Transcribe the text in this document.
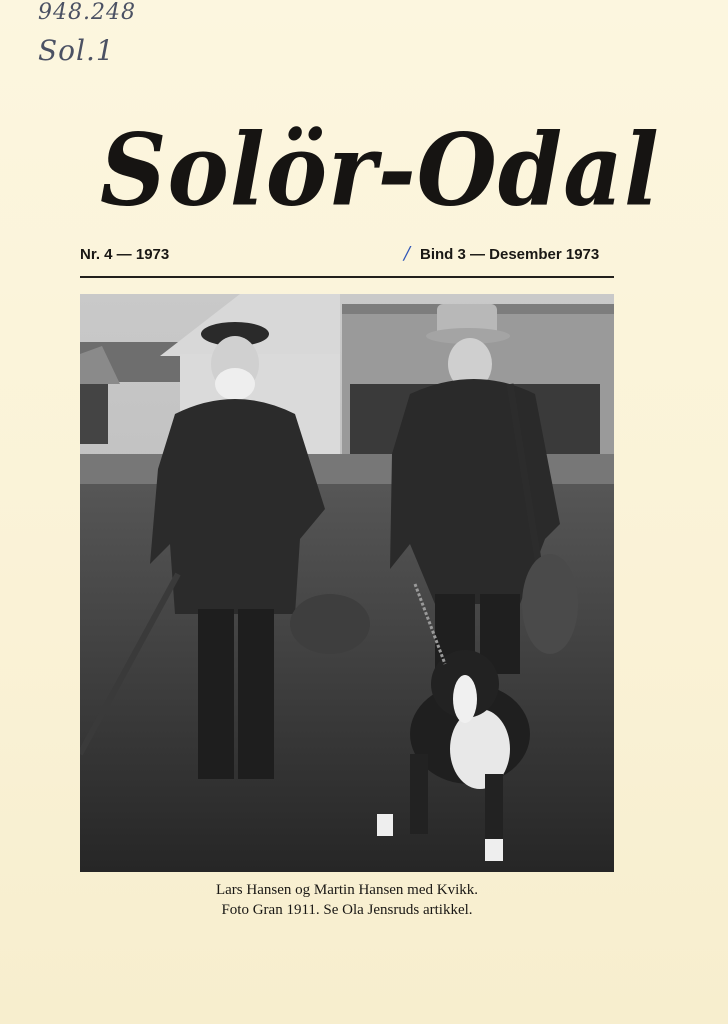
948.248
Sol.1
Solör-Odal
Nr. 4 — 1973	/ Bind 3 — Desember 1973
Lars Hansen og Martin Hansen med Kvikk.
Foto Gran 1911. Se Ola Jensruds artikkel.
